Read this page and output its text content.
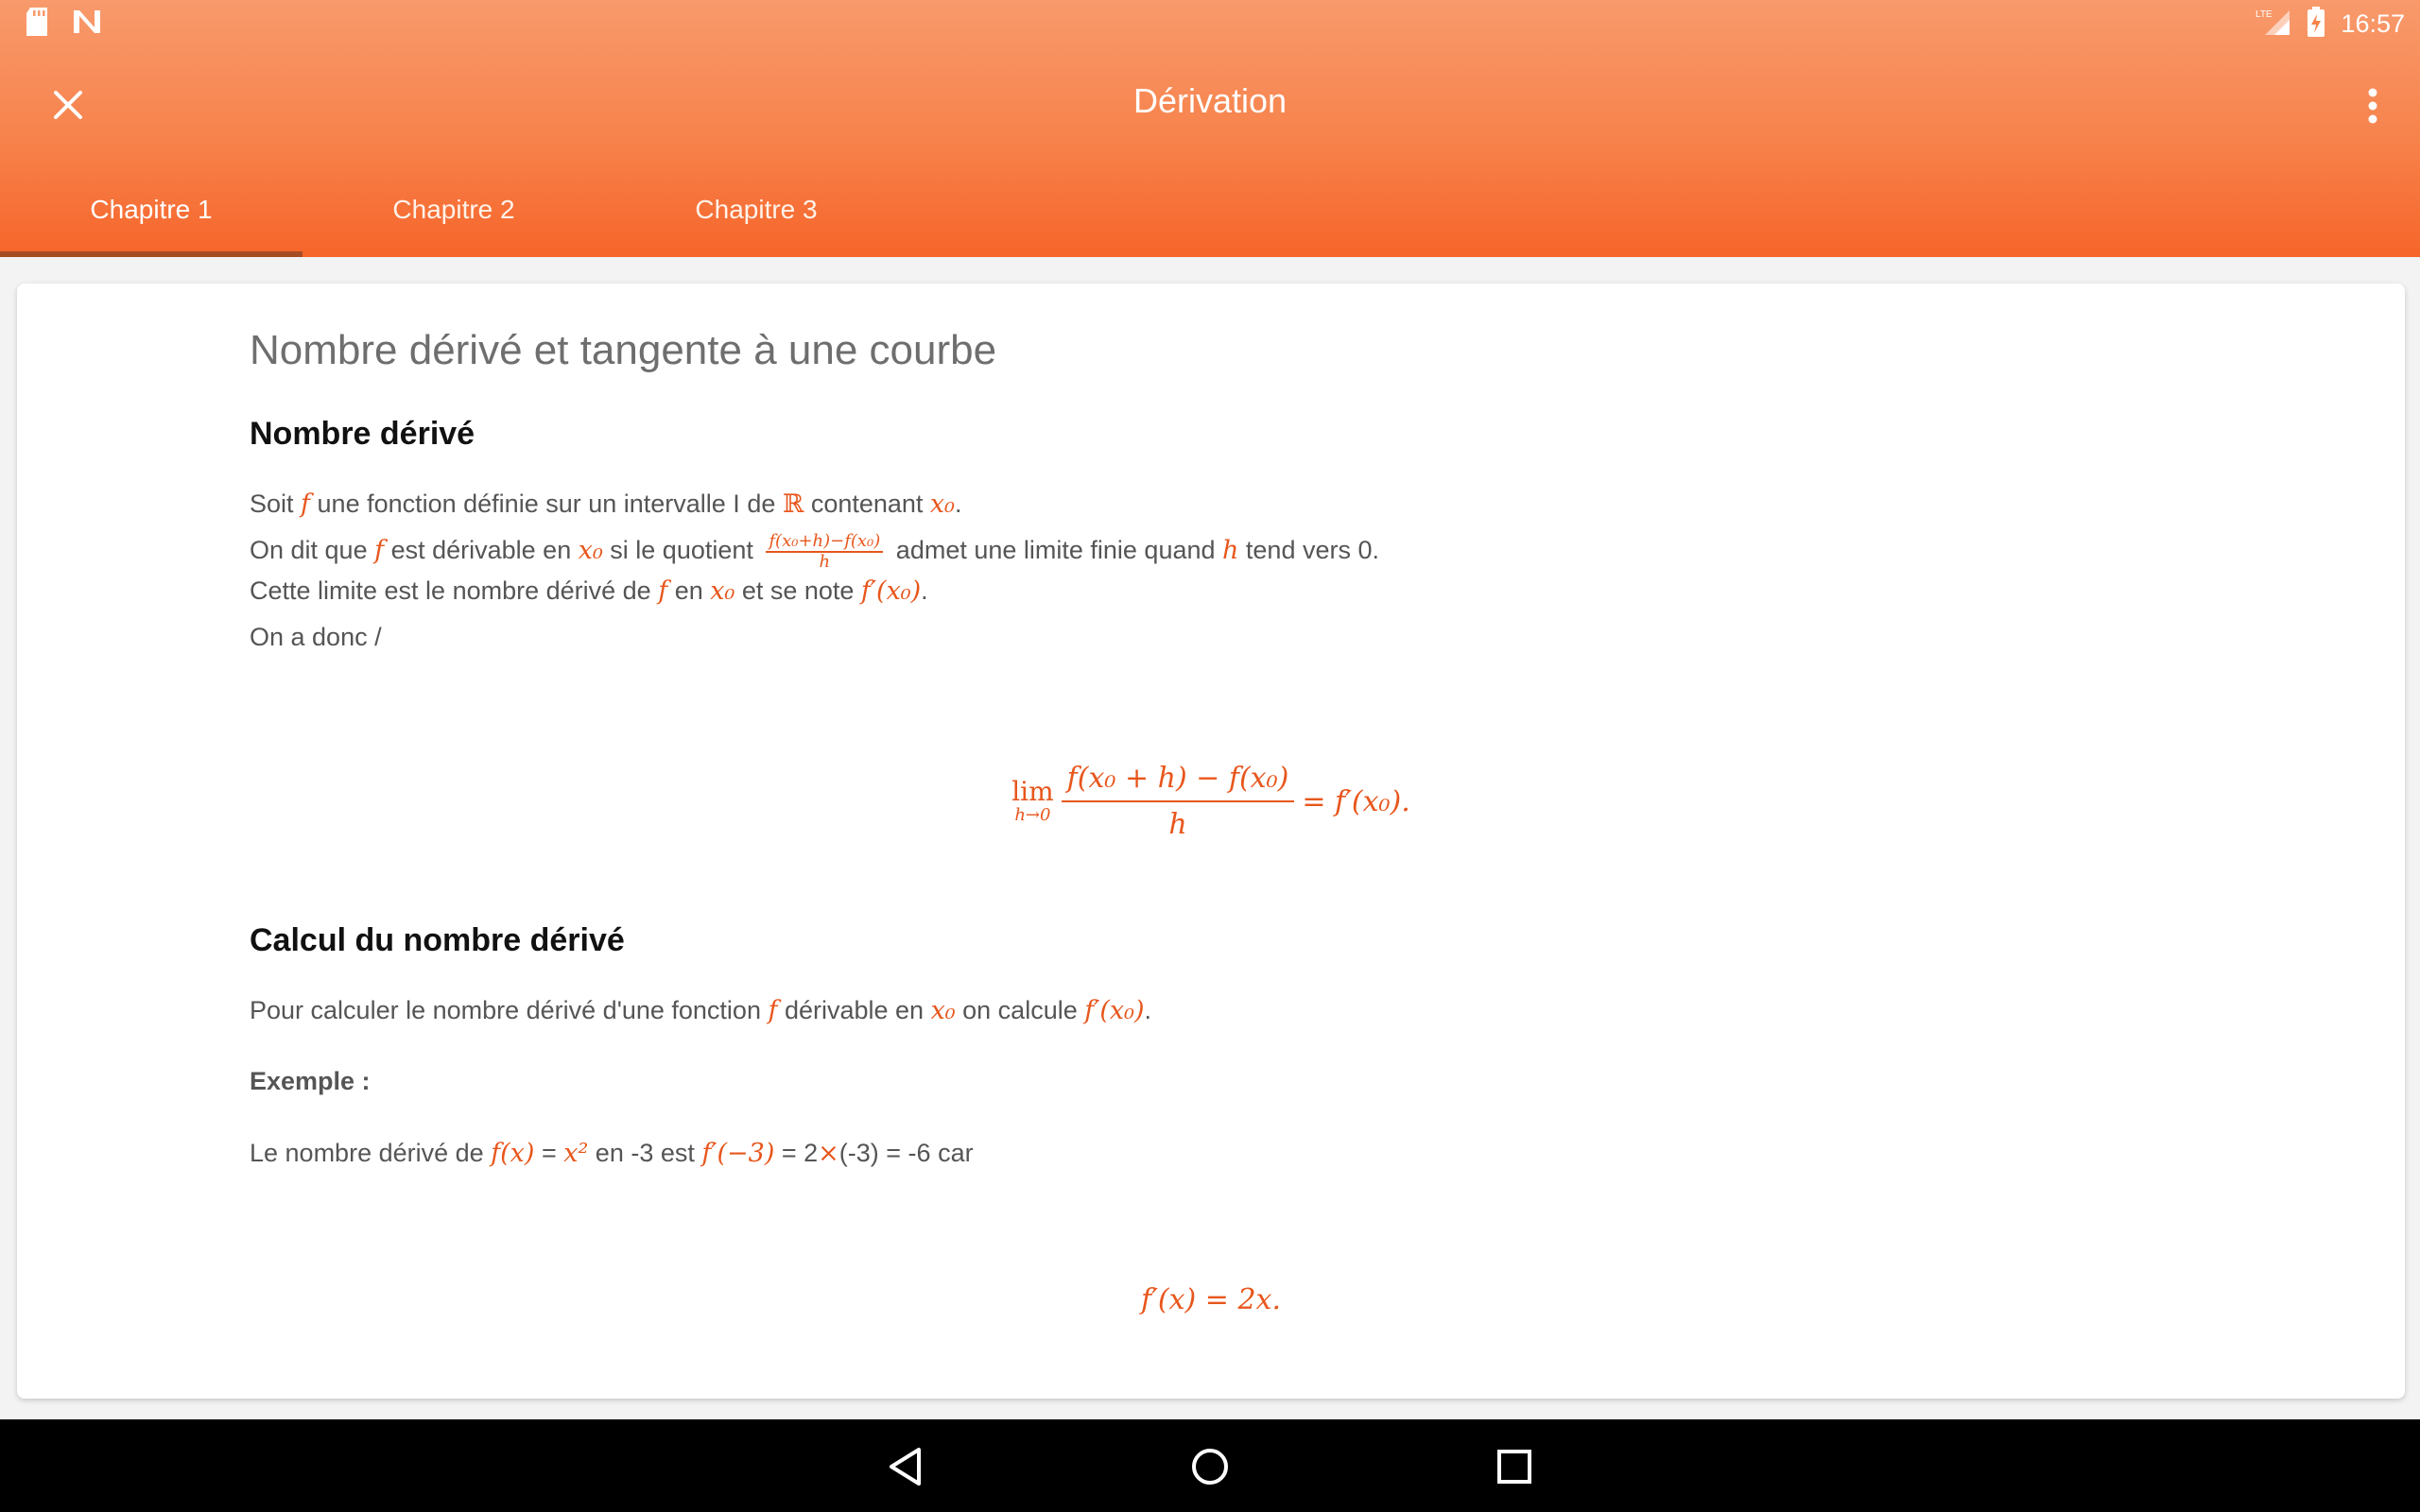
LTE	16:57
Dérivation
Chapitre 1	Chapitre 2	Chapitre 3
Nombre dérivé et tangente à une courbe
Nombre dérivé

Soit f une fonction définie sur un intervalle I de ℝ contenant x₀.

On dit que f est dérivable en x₀ si le quotient $\frac{\text{f(x₀+h)−f(x₀)}}{h}$ admet une limite finie quand h tend vers 0.

Cette limite est le nombre dérivé de f en x₀ et se note f′(x₀).

On a donc /

lim
$h\to 0 \frac{\text{f(x₀ + h) − f(x₀)}}{h} = f'(x_0)$.
Calcul du nombre dérivé

Pour calculer le nombre dérivé d'une fonction f dérivable en x₀ on calcule f′(x₀).

Exemple :

Le nombre dérivé de f(x) = x² en -3 est f′(−3) = 2×(-3) = -6 car

f′(x) = 2x.
